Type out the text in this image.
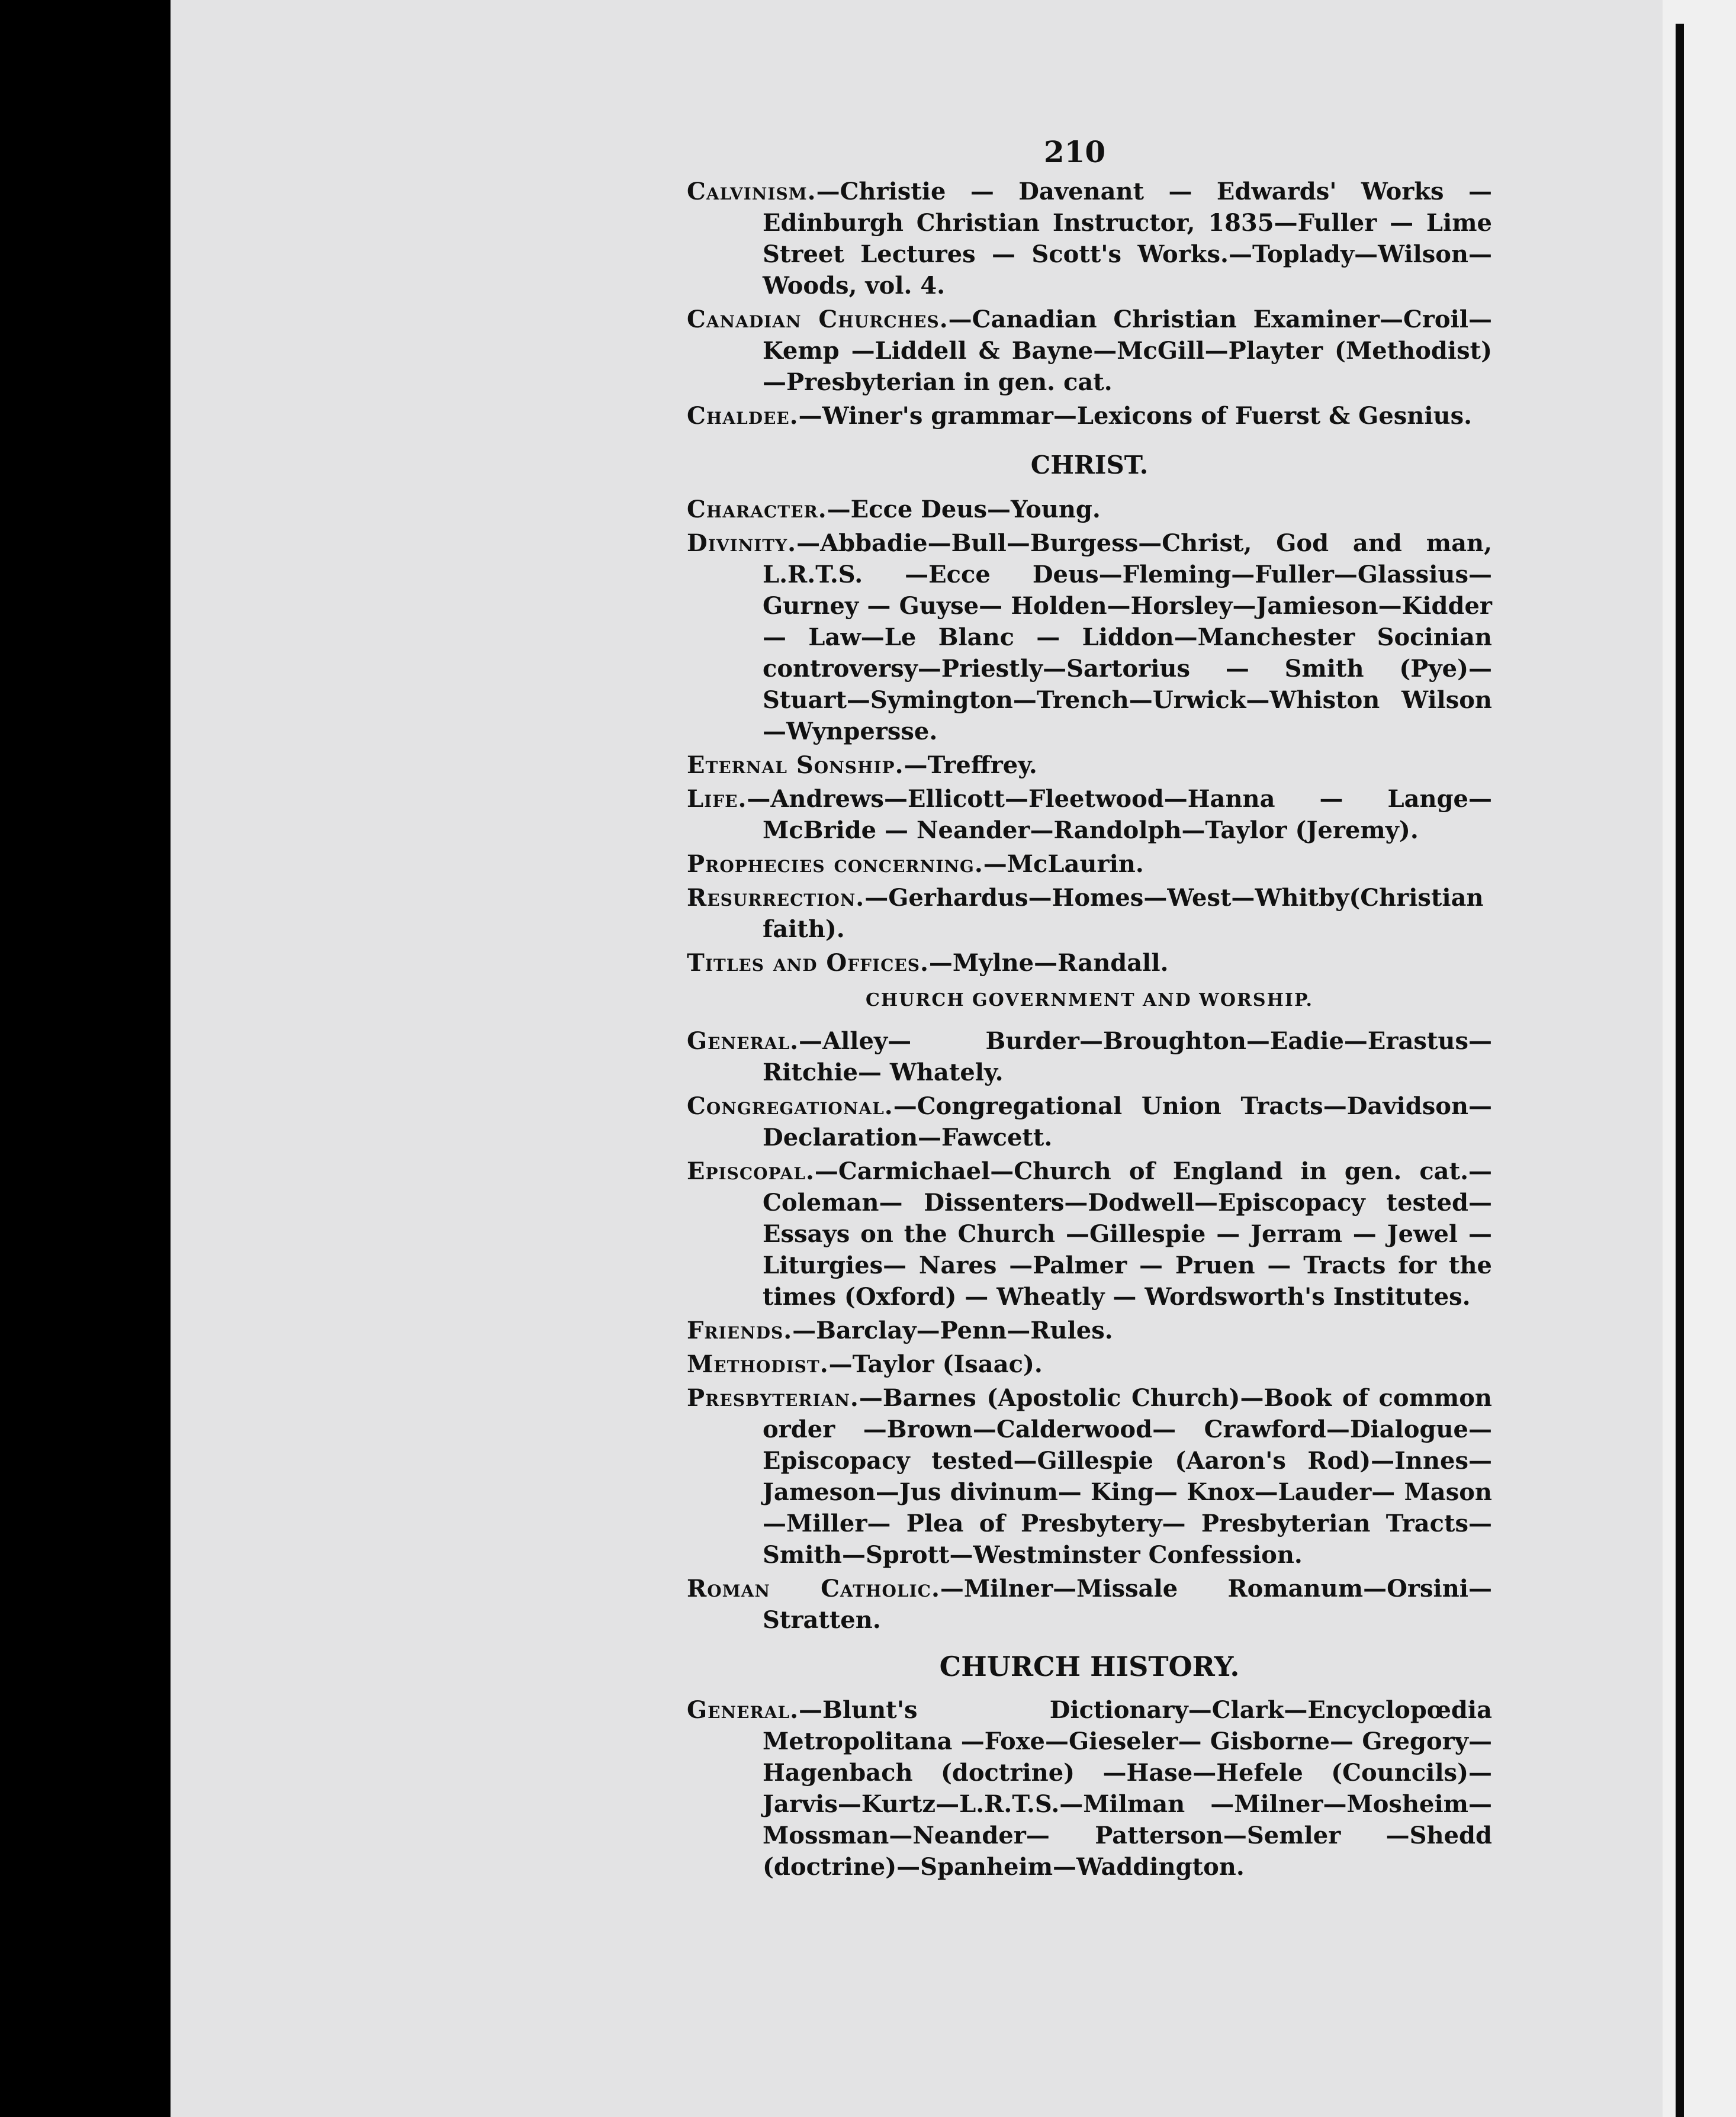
210

Calvinism.—Christie — Davenant — Edwards' Works — Edinburgh Christian Instructor, 1835—Fuller — Lime Street Lectures — Scott's Works.—Toplady—Wilson—Woods, vol. 4.

Canadian Churches.—Canadian Christian Examiner—Croil—Kemp —Liddell & Bayne—McGill—Playter (Methodist)—Presbyterian in gen. cat.

Chaldee.—Winer's grammar—Lexicons of Fuerst & Gesnius.

CHRIST.

Character.—Ecce Deus—Young.

Divinity.—Abbadie—Bull—Burgess—Christ, God and man, L.R.T.S. —Ecce Deus—Fleming—Fuller—Glassius—Gurney — Guyse— Holden—Horsley—Jamieson—Kidder— Law—Le Blanc — Liddon—Manchester Socinian controversy—Priestly—Sartorius — Smith (Pye)—Stuart—Symington—Trench—Urwick—Whiston Wilson—Wynpersse.

Eternal Sonship.—Treffrey.

Life.—Andrews—Ellicott—Fleetwood—Hanna — Lange—McBride — Neander—Randolph—Taylor (Jeremy).

Prophecies concerning.—McLaurin.

Resurrection.—Gerhardus—Homes—West—Whitby(Christian faith).

Titles and Offices.—Mylne—Randall.

CHURCH GOVERNMENT AND WORSHIP.

General.—Alley— Burder—Broughton—Eadie—Erastus—Ritchie— Whately.

Congregational.—Congregational Union Tracts—Davidson—Declaration—Fawcett.

Episcopal.—Carmichael—Church of England in gen. cat.—Coleman— Dissenters—Dodwell—Episcopacy tested—Essays on the Church —Gillespie — Jerram — Jewel — Liturgies— Nares —Palmer — Pruen — Tracts for the times (Oxford) — Wheatly — Wordsworth's Institutes.

Friends.—Barclay—Penn—Rules.

Methodist.—Taylor (Isaac).

Presbyterian.—Barnes (Apostolic Church)—Book of common order —Brown—Calderwood— Crawford—Dialogue— Episcopacy tested—Gillespie (Aaron's Rod)—Innes—Jameson—Jus divinum— King— Knox—Lauder— Mason—Miller— Plea of Presbytery— Presbyterian Tracts—Smith—Sprott—Westminster Confession.

Roman Catholic.—Milner—Missale Romanum—Orsini—Stratten.

CHURCH HISTORY.

General.—Blunt's Dictionary—Clark—Encyclopœdia Metropolitana —Foxe—Gieseler— Gisborne— Gregory—Hagenbach (doctrine) —Hase—Hefele (Councils)— Jarvis—Kurtz—L.R.T.S.—Milman —Milner—Mosheim—Mossman—Neander— Patterson—Semler —Shedd (doctrine)—Spanheim—Waddington.
